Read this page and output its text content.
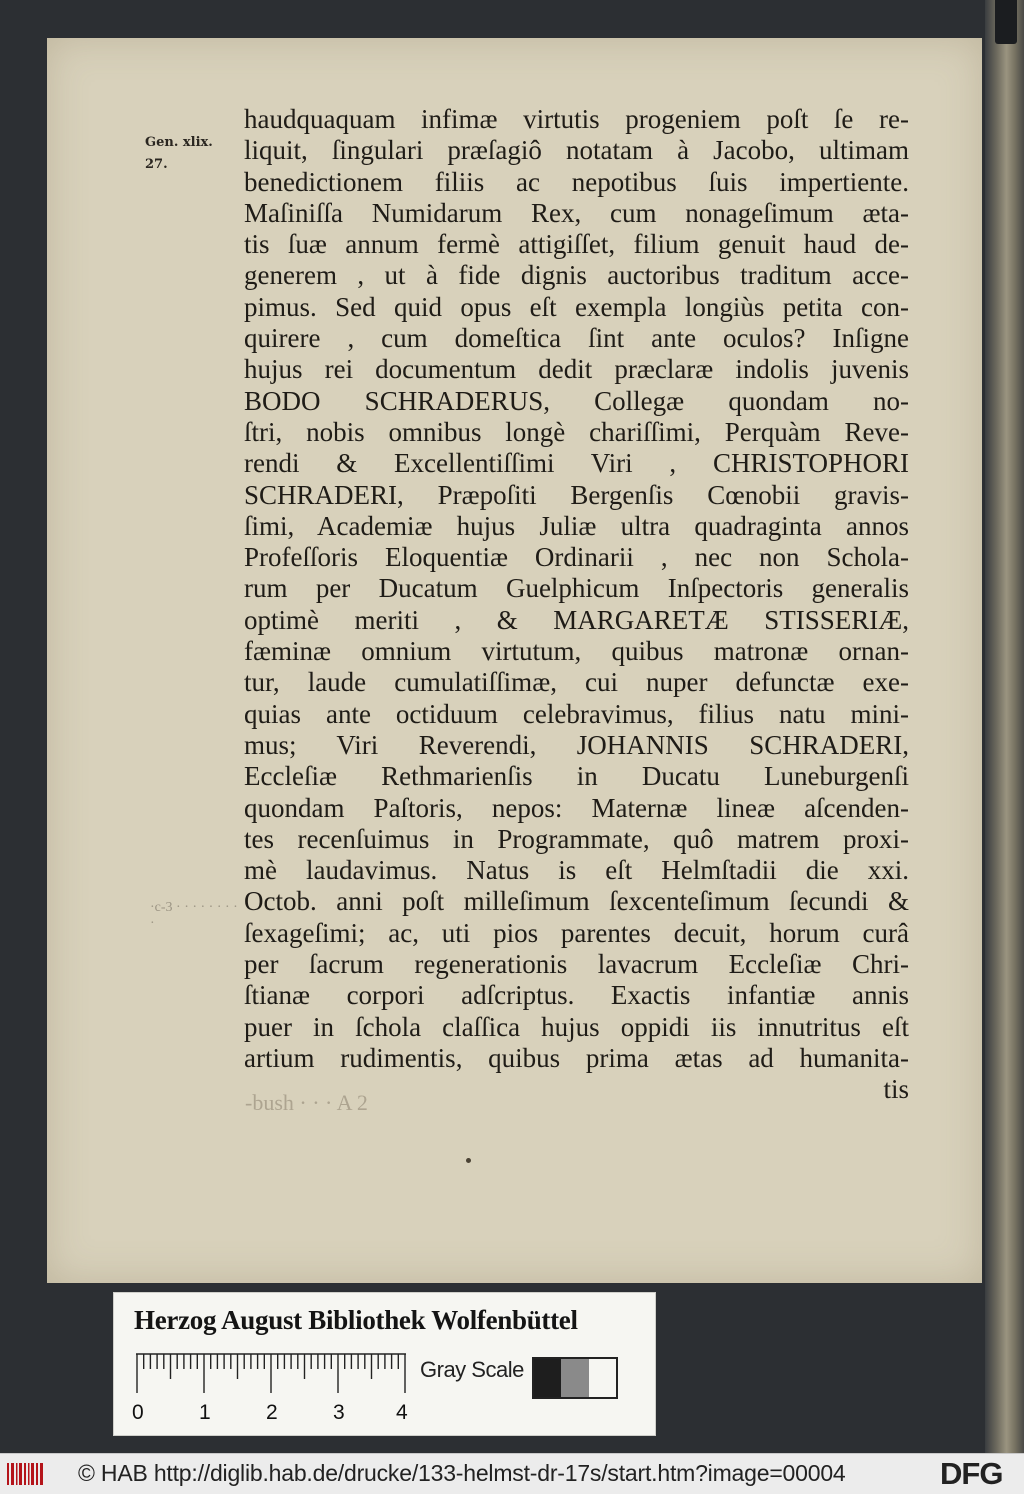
Gen. xlix.
27.
haudquaquam infimæ virtutis progeniem poſt ſe re-
liquit, ſingulari præſagiô notatam à Jacobo, ultimam
benedictionem filiis ac nepotibus ſuis impertiente.
Maſiniſſa Numidarum Rex, cum nonageſimum æta-
tis ſuæ annum fermè attigiſſet, filium genuit haud de-
generem , ut à fide dignis auctoribus traditum acce-
pimus. Sed quid opus eſt exempla longiùs petita con-
quirere , cum domeſtica ſint ante oculos? Inſigne
hujus rei documentum dedit præclaræ indolis juvenis
BODO SCHRADERUS, Collegæ quondam no-
ſtri, nobis omnibus longè chariſſimi, Perquàm Reve-
rendi & Excellentiſſimi Viri , CHRISTOPHORI
SCHRADERI, Præpoſiti Bergenſis Cœnobii gravis-
ſimi, Academiæ hujus Juliæ ultra quadraginta annos
Profeſſoris Eloquentiæ Ordinarii , nec non Schola-
rum per Ducatum Guelphicum Inſpectoris generalis
optimè meriti , & MARGARETÆ STISSERIÆ,
fæminæ omnium virtutum, quibus matronæ ornan-
tur, laude cumulatiſſimæ, cui nuper defunctæ exe-
quias ante octiduum celebravimus, filius natu mini-
mus; Viri Reverendi, JOHANNIS SCHRADERI,
Eccleſiæ Rethmarienſis in Ducatu Luneburgenſi
quondam Paſtoris, nepos: Maternæ lineæ aſcenden-
tes recenſuimus in Programmate, quô matrem proxi-
mè laudavimus. Natus is eſt Helmſtadii die xxi.
Octob. anni poſt milleſimum ſexcenteſimum ſecundi &
ſexageſimi; ac, uti pios parentes decuit, horum curâ
per ſacrum regenerationis lavacrum Eccleſiæ Chri-
ſtianæ corpori adſcriptus. Exactis infantiæ annis
puer in ſchola claſſica hujus oppidi iis innutritus eſt
artium rudimentis, quibus prima ætas ad humanita-
tis
·c-3 · · · · · · · · ·
-bush · · · A 2
Herzog August Bibliothek Wolfenbüttel
0	1	2	3 4
Gray Scale
© HAB http://diglib.hab.de/drucke/133-helmst-dr-17s/start.htm?image=00004	DFG
